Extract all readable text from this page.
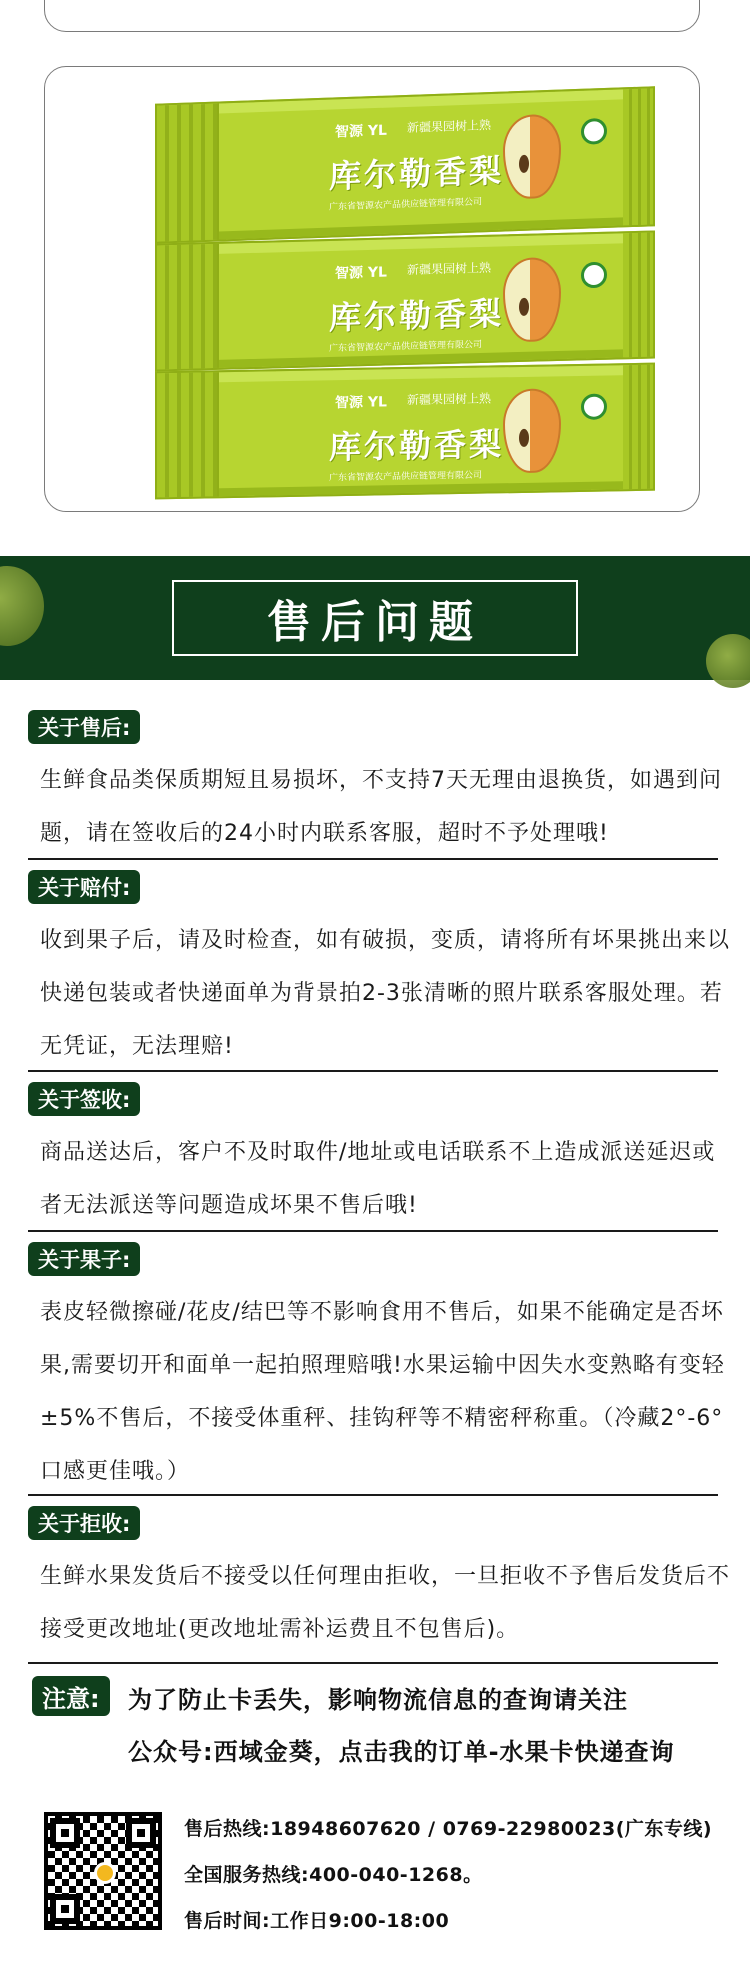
智源 YL 新疆果园树上熟
库尔勒香梨
广东省智源农产品供应链管理有限公司
智源 YL 新疆果园树上熟
库尔勒香梨
广东省智源农产品供应链管理有限公司
智源 YL 新疆果园树上熟
库尔勒香梨
广东省智源农产品供应链管理有限公司
售后问题
关于售后:
生鲜食品类保质期短且易损坏，不支持7天无理由退换货，如遇到问题，请在签收后的24小时内联系客服，超时不予处理哦!
关于赔付:
收到果子后，请及时检查，如有破损，变质，请将所有坏果挑出来以快递包装或者快递面单为背景拍2-3张清晰的照片联系客服处理。若无凭证，无法理赔!
关于签收:
商品送达后，客户不及时取件/地址或电话联系不上造成派送延迟或者无法派送等问题造成坏果不售后哦!
关于果子:
表皮轻微擦碰/花皮/结巴等不影响食用不售后，如果不能确定是否坏果,需要切开和面单一起拍照理赔哦!水果运输中因失水变熟略有变轻±5%不售后，不接受体重秤、挂钩秤等不精密秤称重。（冷藏2°-6°口感更佳哦。）
关于拒收:
生鲜水果发货后不接受以任何理由拒收，一旦拒收不予售后发货后不接受更改地址(更改地址需补运费且不包售后)。
注意:	为了防止卡丢失，影响物流信息的查询请关注
公众号:西域金葵，点击我的订单-水果卡快递查询
售后热线:18948607620 / 0769-22980023(广东专线)
全国服务热线:400-040-1268。
售后时间:工作日9:00-18:00
